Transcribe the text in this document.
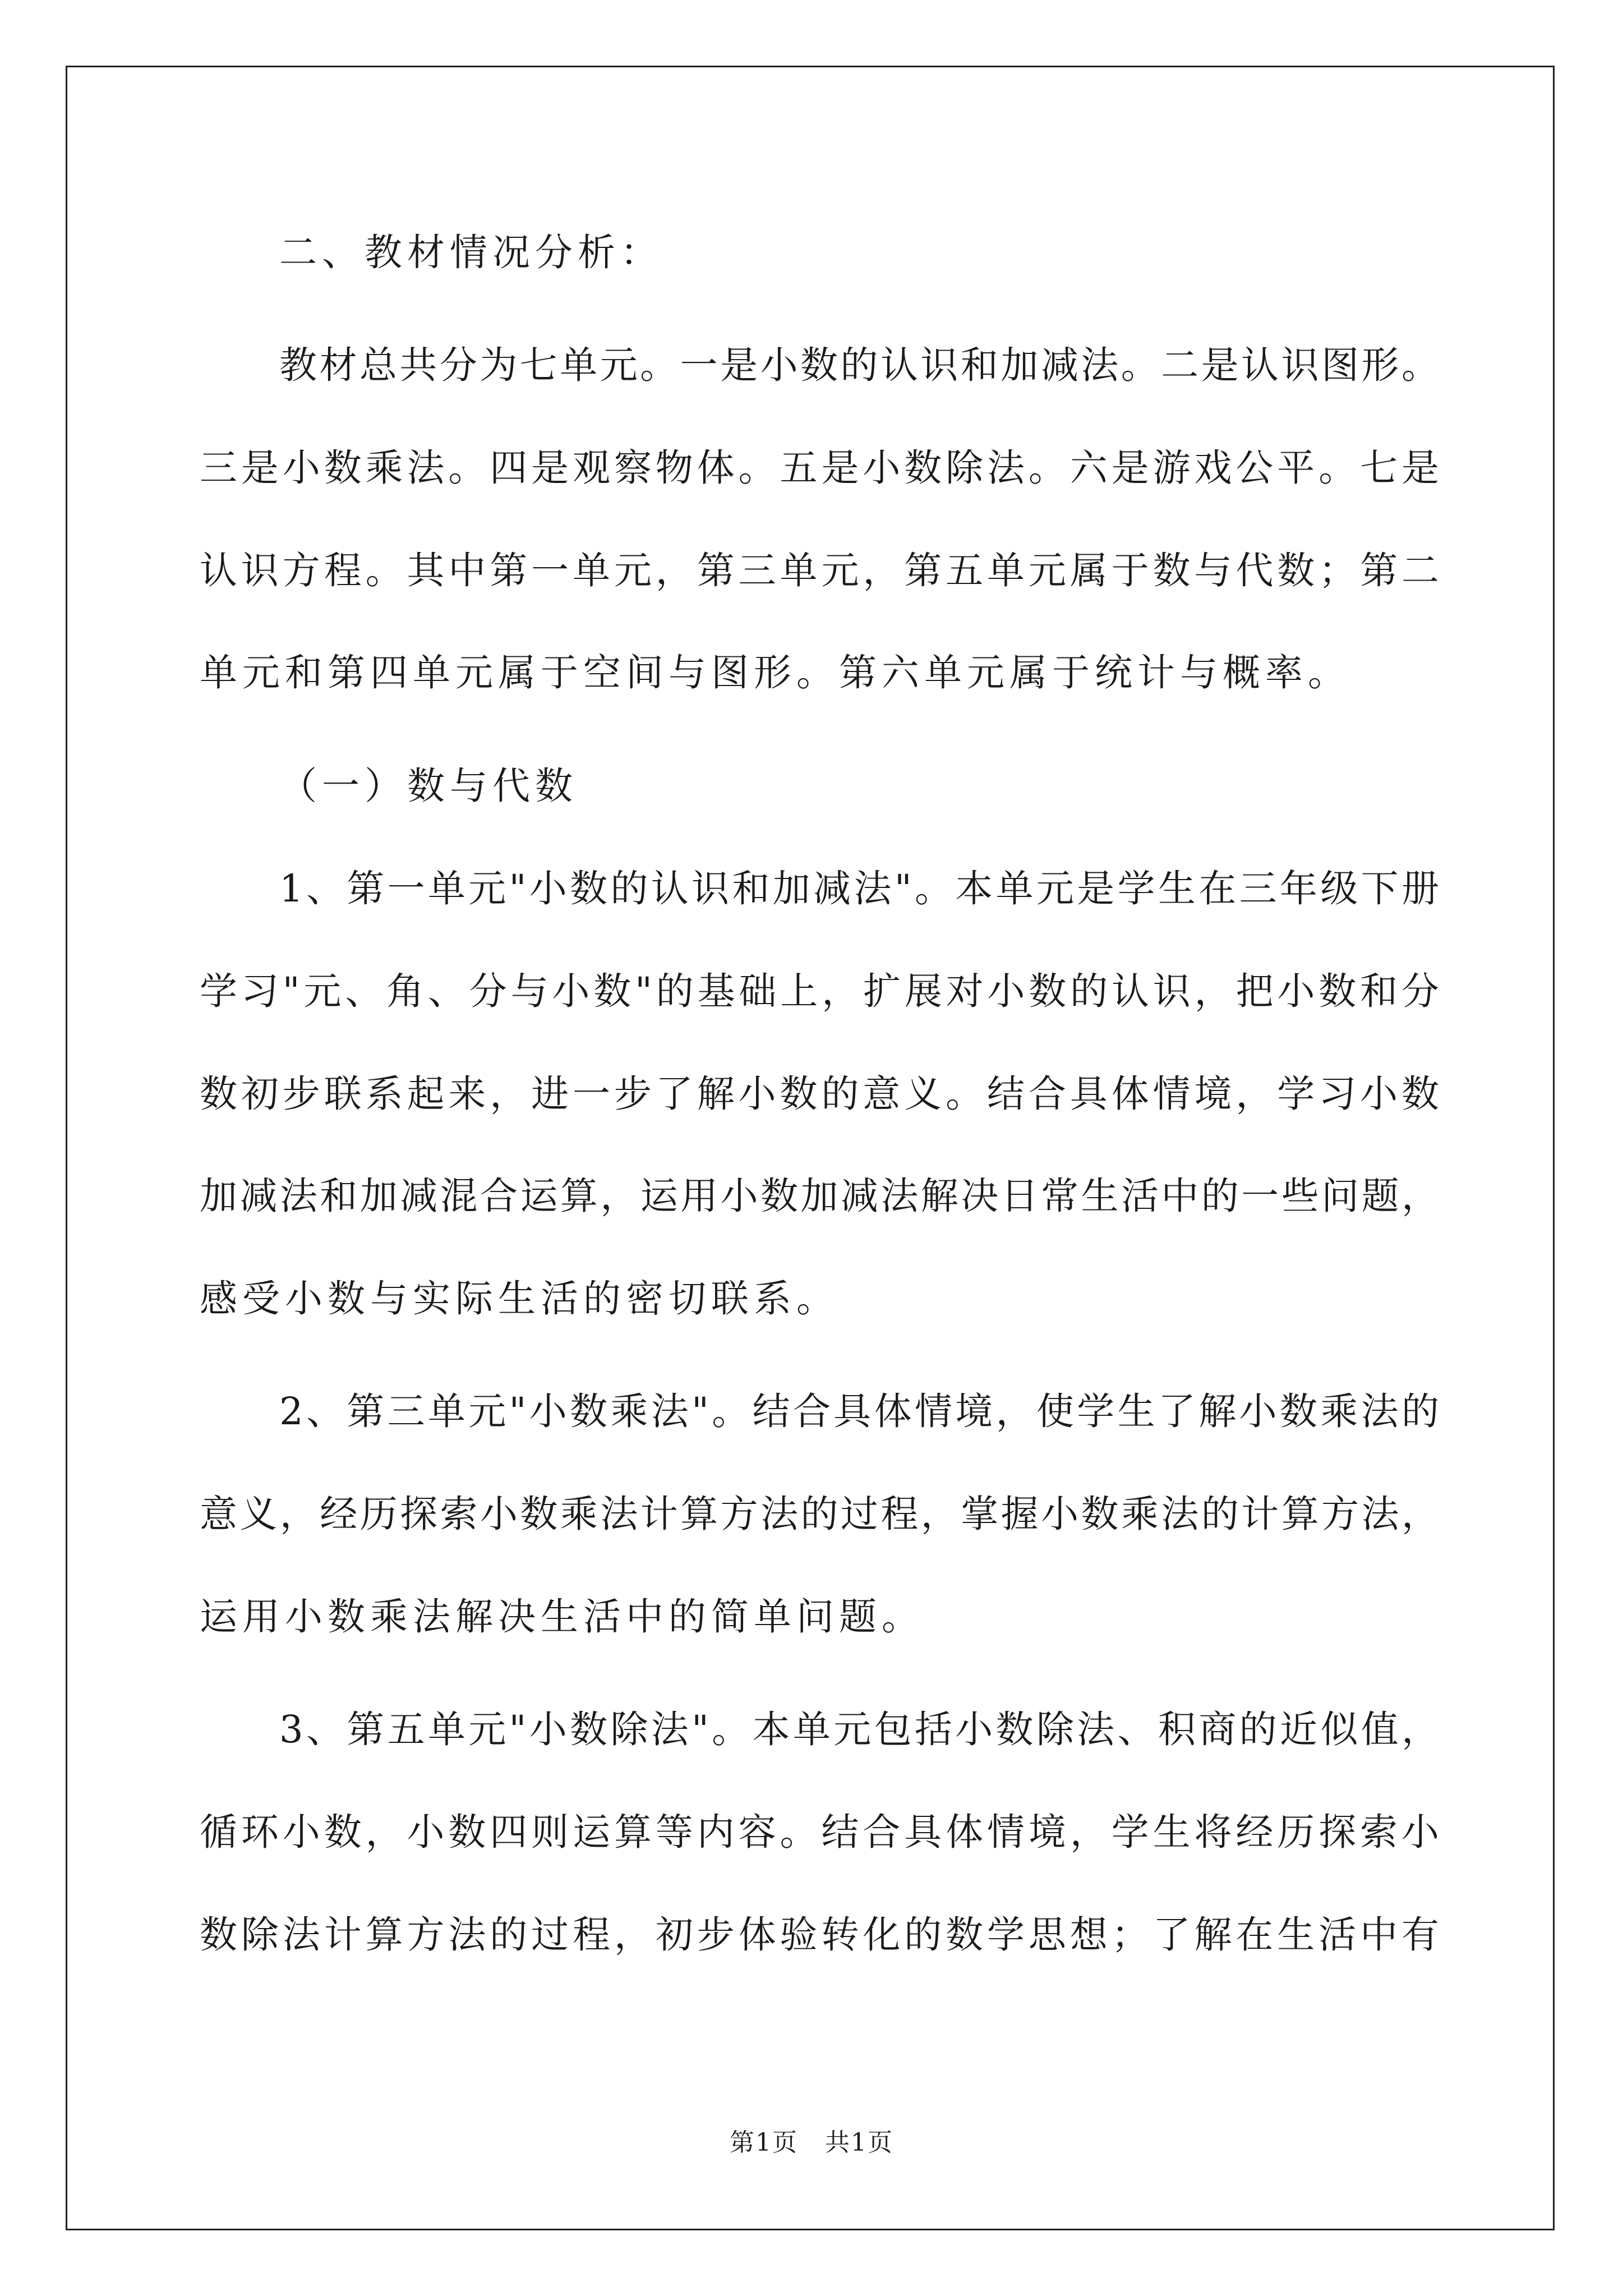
二、教材情况分析：
教材总共分为七单元。一是小数的认识和加减法。二是认识图形。
三是小数乘法。四是观察物体。五是小数除法。六是游戏公平。七是
认识方程。其中第一单元，第三单元，第五单元属于数与代数；第二
单元和第四单元属于空间与图形。第六单元属于统计与概率。
（一）数与代数
1、第一单元"小数的认识和加减法"。本单元是学生在三年级下册
学习"元、角、分与小数"的基础上，扩展对小数的认识，把小数和分
数初步联系起来，进一步了解小数的意义。结合具体情境，学习小数
加减法和加减混合运算，运用小数加减法解决日常生活中的一些问题，
感受小数与实际生活的密切联系。
2、第三单元"小数乘法"。结合具体情境，使学生了解小数乘法的
意义，经历探索小数乘法计算方法的过程，掌握小数乘法的计算方法，
运用小数乘法解决生活中的简单问题。
3、第五单元"小数除法"。本单元包括小数除法、积商的近似值，
循环小数，小数四则运算等内容。结合具体情境，学生将经历探索小
数除法计算方法的过程，初步体验转化的数学思想；了解在生活中有
第1页 共1页
